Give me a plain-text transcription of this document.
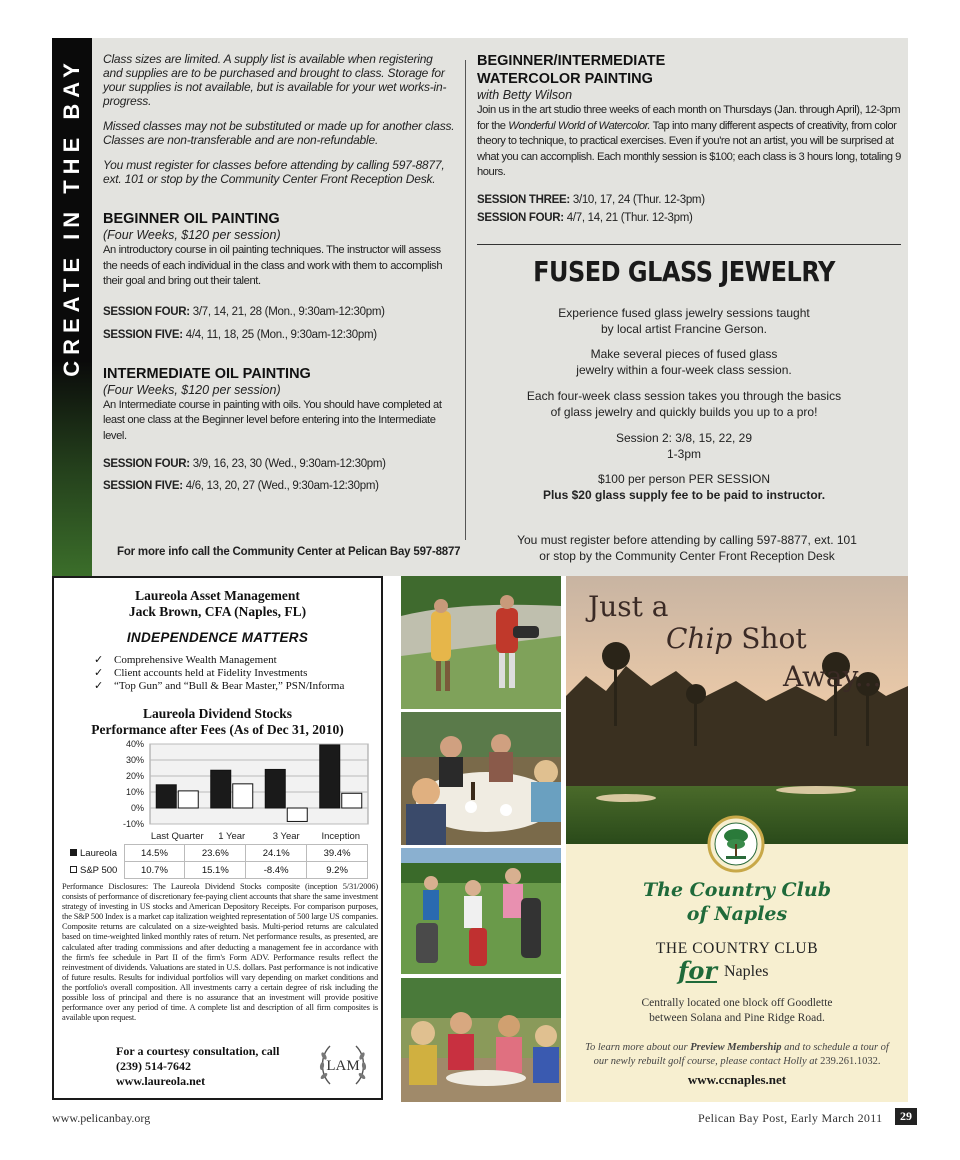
CREATE IN THE BAY Class sizes are limited. A supply list is available when registering and supplies are to be purchased and brought to class. Storage for your supplies is not available, but is available for your wet works-in-progress.

Missed classes may not be substituted or made up for another class. Classes are non-transferable and are non-refundable.

You must register for classes before attending by calling 597-8877, ext. 101 or stop by the Community Center Front Reception Desk.

BEGINNER OIL PAINTING
(Four Weeks, $120 per session)
An introductory course in oil painting techniques. The instructor will assess the needs of each individual in the class and work with them to accomplish their goal and bring out their talent.
SESSION FOUR: 3/7, 14, 21, 28 (Mon., 9:30am-12:30pm)
SESSION FIVE: 4/4, 11, 18, 25 (Mon., 9:30am-12:30pm)
INTERMEDIATE OIL PAINTING
(Four Weeks, $120 per session)
An Intermediate course in painting with oils. You should have completed at least one class at the Beginner level before entering into the Intermediate level.
SESSION FOUR: 3/9, 16, 23, 30 (Wed., 9:30am-12:30pm)
SESSION FIVE: 4/6, 13, 20, 27 (Wed., 9:30am-12:30pm)
For more info call the Community Center at Pelican Bay 597-8877
BEGINNER/INTERMEDIATE
WATERCOLOR PAINTING
with Betty Wilson
Join us in the art studio three weeks of each month on Thursdays (Jan. through April), 12-3pm for the Wonderful World of Watercolor. Tap into many different aspects of creativity, from color theory to technique, to practical exercises. Even if you're not an artist, you will be surprised at what you can accomplish. Each monthly session is $100; each class is 3 hours long, totaling 9 hours.
SESSION THREE: 3/10, 17, 24 (Thur. 12-3pm)
SESSION FOUR: 4/7, 14, 21 (Thur. 12-3pm)
FUSED GLASS JEWELRY
Experience fused glass jewelry sessions taught
by local artist Francine Gerson.
Make several pieces of fused glass
jewelry within a four-week class session.
Each four-week class session takes you through the basics
of glass jewelry and quickly builds you up to a pro!
Session 2: 3/8, 15, 22, 29
1-3pm
$100 per person PER SESSION
Plus $20 glass supply fee to be paid to instructor.
You must register before attending by calling 597-8877, ext. 101
or stop by the Community Center Front Reception Desk
Laureola Asset Management
Jack Brown, CFA (Naples, FL)
INDEPENDENCE MATTERS
✓ Comprehensive Wealth Management
✓ Client accounts held at Fidelity Investments
✓ “Top Gun” and “Bull & Bear Master,” PSN/Informa
Laureola Dividend Stocks
Performance after Fees (As of Dec 31, 2010)
40%
30%
20%
10%
0%
-10%
Last Quarter 1 Year	3 Year Inception
Laureola	14.5%	23.6%	24.1%	39.4%
S&P 500	10.7%	15.1%	-8.4%	9.2%
Performance Disclosures: The Laureola Dividend Stocks composite (inception 5/31/2006) consists of performance of discretionary fee-paying client accounts that share the same investment strategy of investing in US stocks and American Depository Receipts. For comparison purposes, the S&P 500 Index is a market cap italization weighted representation of 500 large US companies. Composite returns are calculated on a size-weighted basis. Multi-period returns are calculated based on time-weighted linked monthly rates of return. Net performance results, as presented, are calculated after trading commissions and after deducting a management fee in accordance with the firm's fee schedule in Part II of the firm's Form ADV. Performance results reflect the reinvestment of dividends. Valuations are stated in U.S. dollars. Past performance is not indicative of future results. Results for individual portfolios will vary depending on market conditions and the portfolio's overall composition. All investments carry a certain degree of risk including the possible loss of principal and there is no assurance that an investment will provide positive performance over any period of time. A complete list and description of all firm composites is available upon request.
For a courtesy consultation, call
(239) 514-7642
www.laureola.net
LAM
Just a
Chip Shot
Away...
The Country Club
of Naples
THE COUNTRY CLUB
for Naples
Centrally located one block off Goodlette
between Solana and Pine Ridge Road.
To learn more about our Preview Membership and to schedule a tour of our newly rebuilt golf course, please contact Holly at 239.261.1032.
www.ccnaples.net
www.pelicanbay.org	Pelican Bay Post, Early March 2011	29
